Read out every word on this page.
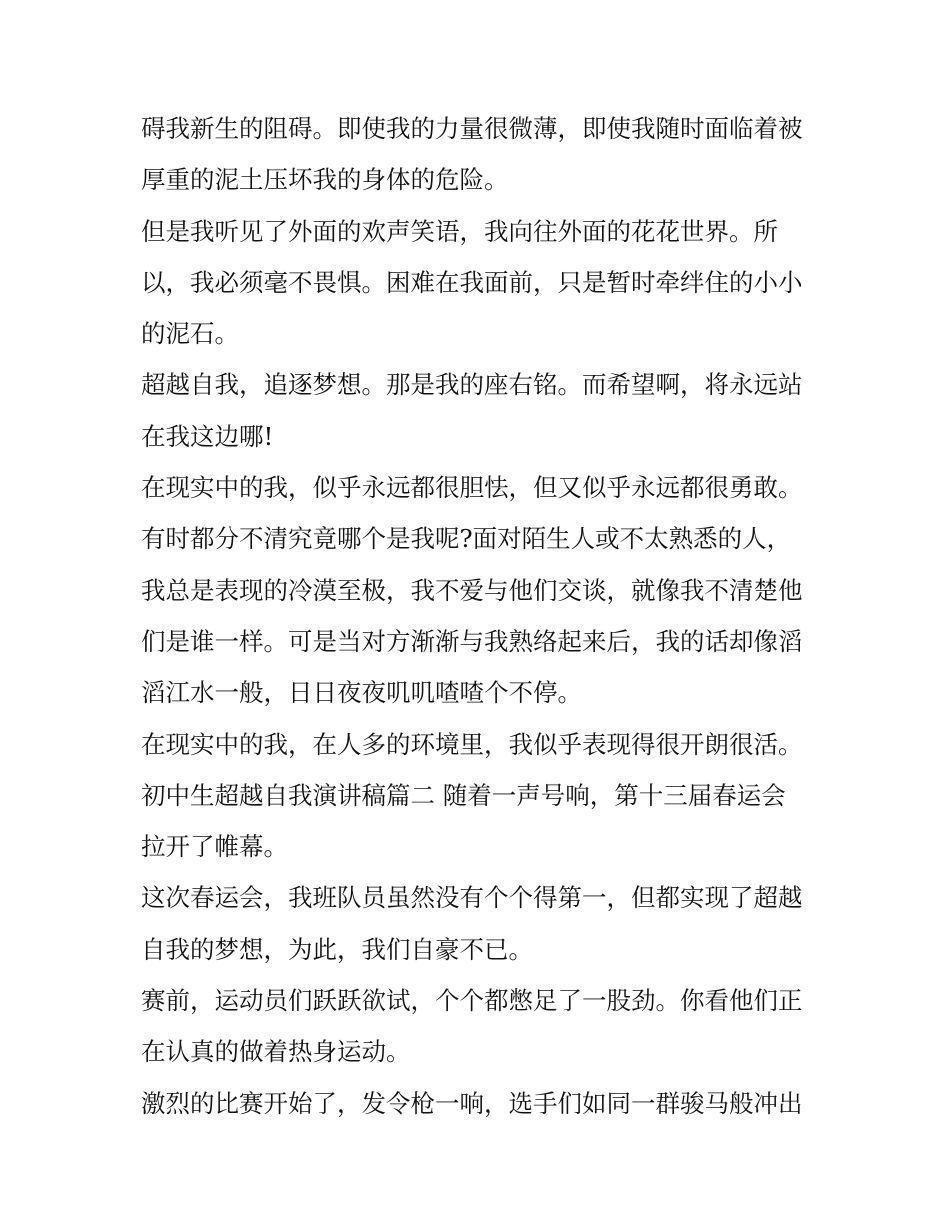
碍我新生的阻碍。即使我的力量很微薄，即使我随时面临着被

厚重的泥土压坏我的身体的危险。

但是我听见了外面的欢声笑语，我向往外面的花花世界。所

以，我必须毫不畏惧。困难在我面前，只是暂时牵绊住的小小

的泥石。

超越自我，追逐梦想。那是我的座右铭。而希望啊，将永远站

在我这边哪!

在现实中的我，似乎永远都很胆怯，但又似乎永远都很勇敢。

有时都分不清究竟哪个是我呢?面对陌生人或不太熟悉的人，

我总是表现的冷漠至极，我不爱与他们交谈，就像我不清楚他

们是谁一样。可是当对方渐渐与我熟络起来后，我的话却像滔

滔江水一般，日日夜夜叽叽喳喳个不停。

在现实中的我，在人多的环境里，我似乎表现得很开朗很活。

初中生超越自我演讲稿篇二 随着一声号响，第十三届春运会

拉开了帷幕。

这次春运会，我班队员虽然没有个个得第一，但都实现了超越

自我的梦想，为此，我们自豪不已。

赛前，运动员们跃跃欲试，个个都憋足了一股劲。你看他们正

在认真的做着热身运动。

激烈的比赛开始了，发令枪一响，选手们如同一群骏马般冲出
